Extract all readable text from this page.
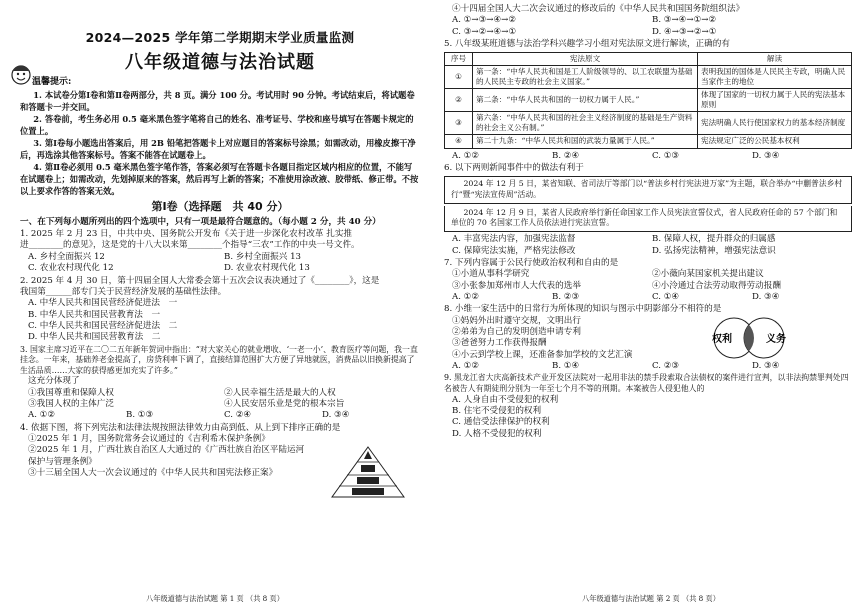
2024—2025 学年第二学期期末学业质量监测
八年级道德与法治试题
温馨提示:
1. 本试卷分第Ⅰ卷和第Ⅱ卷两部分，共 8 页。满分 100 分。考试用时 90 分钟。考试结束后，将试题卷和答题卡一并交回。
2. 答卷前，考生务必用 0.5 毫米黑色签字笔将自己的姓名、准考证号、学校和座号填写在答题卡规定的位置上。
3. 第Ⅰ卷每小题选出答案后，用 2B 铅笔把答题卡上对应题目的答案标号涂黑；如需改动，用橡皮擦干净后，再选涂其他答案标号。答案不能答在试题卷上。
4. 第Ⅱ卷必须用 0.5 毫米黑色签字笔作答，答案必须写在答题卡各题目指定区域内相应的位置，不能写在试题卷上；如需改动，先划掉原来的答案，然后再写上新的答案；不准使用涂改液、胶带纸、修正带。不按以上要求作答的答案无效。
第Ⅰ卷（选择题　共 40 分）
一、在下列每小题所列出的四个选项中，只有一项是最符合题意的。（每小题 2 分，共 40 分）
1. 2025 年 2 月 23 日，中共中央、国务院公开发布《关于进一步深化农村改革 扎实推
进________的意见》，这是党的十八大以来第________个指导“三农”工作的中央一号文件。
A. 乡村全面振兴 12	B. 乡村全面振兴 13
C. 农业农村现代化 12	D. 农业农村现代化 13
2. 2025 年 4 月 30 日，第十四届全国人大常委会第十五次会议表决通过了《________》，这是
我国第______部专门关于民营经济发展的基础性法律。
A. 中华人民共和国民营经济促进法　一
B. 中华人民共和国民营教育法　一
C. 中华人民共和国民营经济促进法　二
D. 中华人民共和国民营教育法　二
3. 国家主席习近平在二〇二五年新年贺词中指出：“对大家关心的就业增收、‘一老一小’、教育医疗等问题，我一直挂念。一年来，基础养老金提高了，房贷利率下调了，直接结算范围扩大方便了异地就医，消费品以旧换新提高了生活品质……大家的获得感更加充实了许多。”
这充分体现了
①我国尊重和保障人权	②人民幸福生活是最大的人权
③我国人权的主体广泛	④人民安居乐业是党的根本宗旨
A. ①②	B. ①③	C. ②④	D. ③④
4. 依据下图，将下列宪法和法律法规按照法律效力由高到低、从上到下排序正确的是
①2025 年 1 月，国务院常务会议通过的《吉利希木保护条例》
②2025 年 1 月，广西壮族自治区人大通过的《广西壮族自治区平陆运河保护与管理条例》
③十三届全国人大一次会议通过的《中华人民共和国宪法修正案》
八年级道德与法治试题 第 1 页 （共 8 页）
④十四届全国人大二次会议通过的修改后的《中华人民共和国国务院组织法》
A. ①→③→④→②	B. ③→④→①→②
C. ③→②→④→①	D. ④→③→②→①
5. 八年级某班道德与法治学科兴趣学习小组对宪法原文进行解读，正确的有
序号	宪法原文	解读
①	第一条：“中华人民共和国是工人阶级领导的、以工农联盟为基础的人民民主专政的社会主义国家。”	表明我国的国体是人民民主专政，明确人民当家作主的地位
②	第二条：“中华人民共和国的一切权力属于人民。”	体现了国家的一切权力属于人民的宪法基本原则
③	第六条：“中华人民共和国的社会主义经济制度的基础是生产资料的社会主义公有制。”	宪法明确人民行使国家权力的基本经济制度
④	第二十九条：“中华人民共和国的武装力量属于人民。”	宪法规定广泛的公民基本权利
A. ①②	B. ②④	C. ①③	D. ③④
6. 以下两则新闻事件中的做法有利于
2024 年 12 月 5 日，某省知联、省司法厅等部门以“普法乡村行宪法进万家”为主题，联合举办“中蒯普法乡村行”暨“宪法宣传周”活动。
2024 年 12 月 9 日，某省人民政府举行新任命国家工作人员宪法宣誓仪式，省人民政府任命的 57 个部门和单位的 70 名国家工作人员依法进行宪法宣誓。
A. 丰富宪法内容，加强宪法监督	B. 保障人权，提升群众的归属感
C. 保障宪法实施，严格宪法修改	D. 弘扬宪法精神，增强宪法意识
7. 下列内容属于公民行使政治权利和自由的是
①小道从事科学研究	②小薇向某国家机关提出建议
③小张参加郑州市人大代表的选举	④小泠通过合法劳动取得劳动报酬
A. ①②	B. ②③	C. ①④	D. ③④
8. 小维一家生活中的日常行为所体现的知识与图示中阴影部分不相符的是
①妈妈外出时遵守交规，文明出行
②弟弟为自己的发明创造申请专利
③爸爸努力工作获得报酬
④小云到学校上课，还准备参加学校的文艺汇演
权利	义务
A. ①②	B. ①④	C. ②③	D. ③④
9. 黑龙江省大庆高新技术产业开发区法院对一起用非法的禁手段索取合法债权的案件进行宣判，以非法拘禁罪判处四名被告人有期徒刑分别为一年至七个月不等的刑期。本案被告人侵犯他人的
A. 人身自由不受侵犯的权利
B. 住宅不受侵犯的权利
C. 通信受法律保护的权利
D. 人格不受侵犯的权利
八年级道德与法治试题 第 2 页 （共 8 页）
